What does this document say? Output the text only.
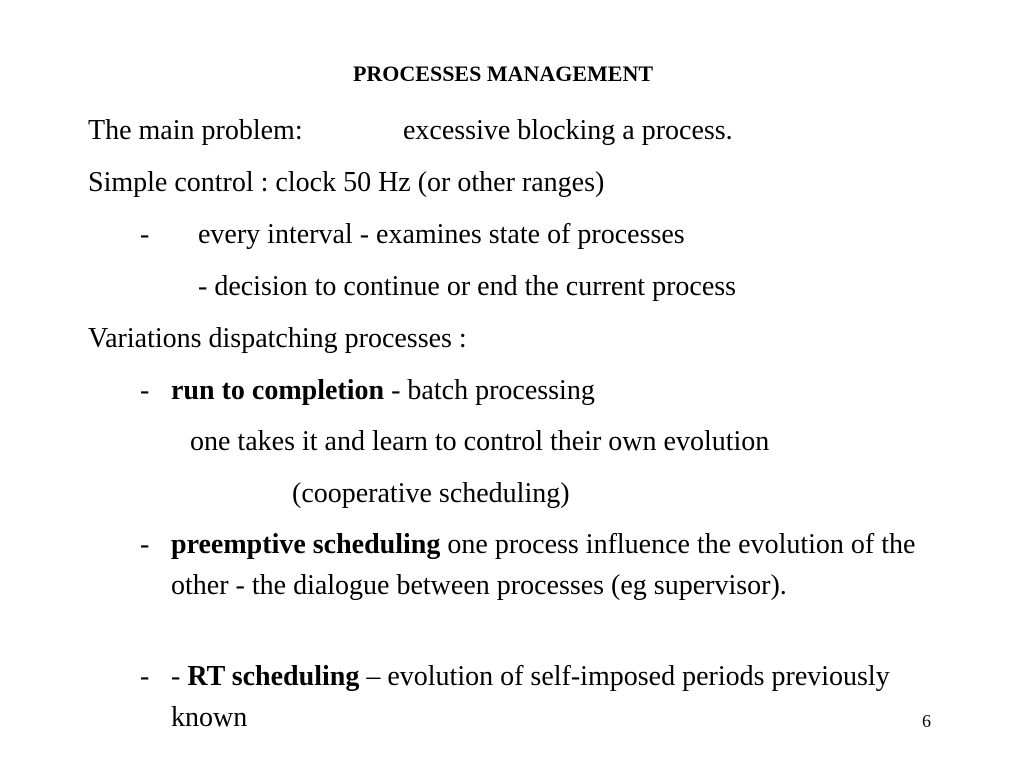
PROCESSES MANAGEMENT
The main problem:	excessive blocking a process.
Simple control : clock 50 Hz (or other ranges)
- every interval - examines state of processes
- decision to continue or end the current process
Variations dispatching processes :
- run to completion - batch processing
one takes it and learn to control their own evolution
(cooperative scheduling)
- preemptive scheduling one process influence the evolution of the other - the dialogue between processes (eg supervisor).
- - RT scheduling – evolution of self-imposed periods previously known	6
